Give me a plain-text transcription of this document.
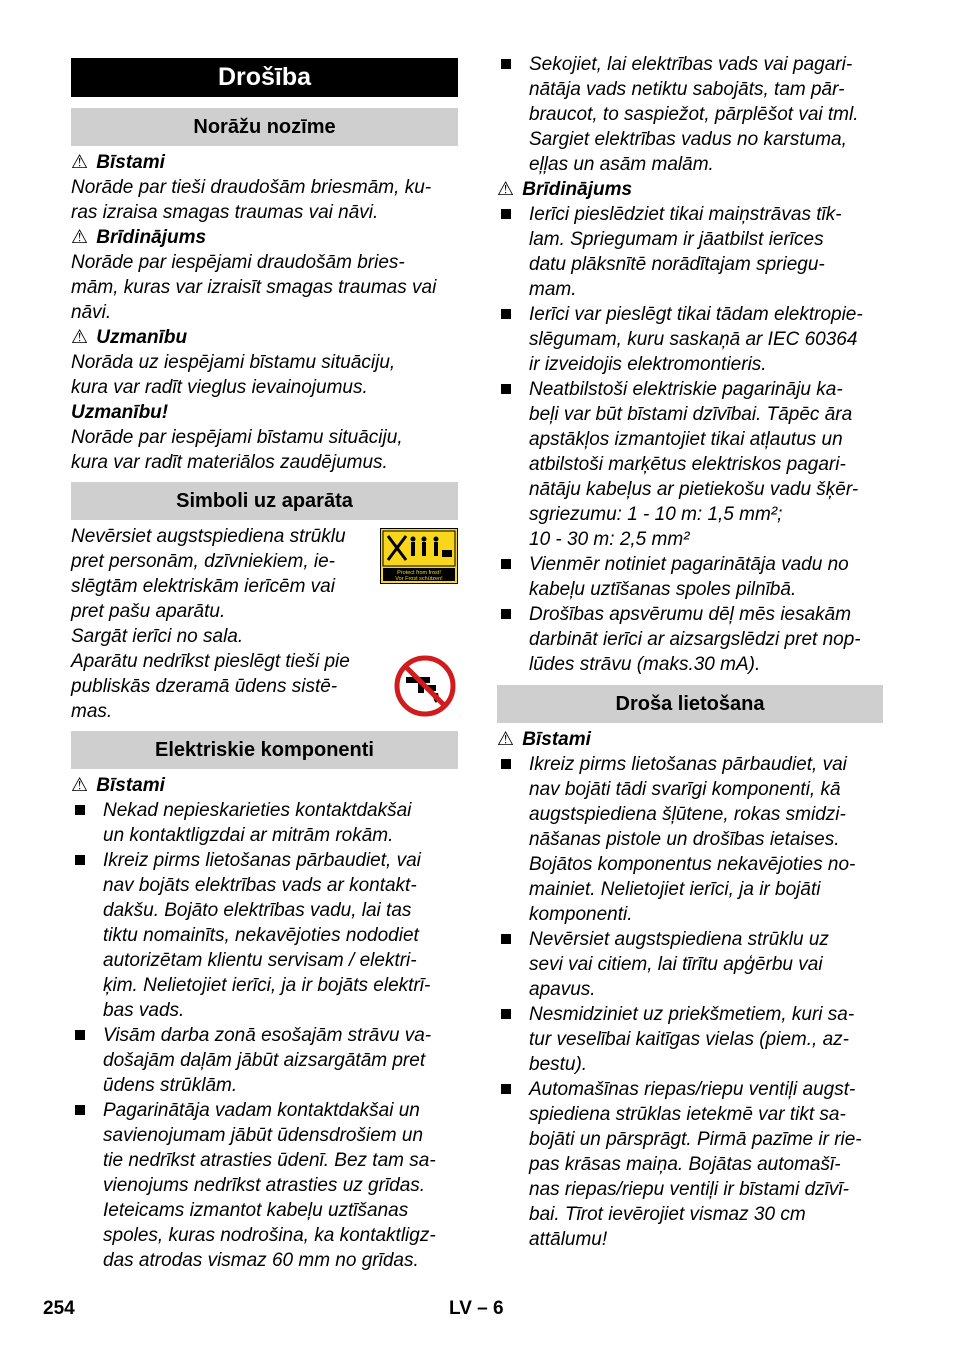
Drošība
Norāžu nozīme
⚠ Bīstami
Norāde par tieši draudošām briesmām, ku-
ras izraisa smagas traumas vai nāvi.
⚠ Brīdinājums
Norāde par iespējami draudošām bries-
mām, kuras var izraisīt smagas traumas vai
nāvi.
⚠ Uzmanību
Norāda uz iespējami bīstamu situāciju,
kura var radīt vieglus ievainojumus.
Uzmanību!
Norāde par iespējami bīstamu situāciju,
kura var radīt materiālos zaudējumus.
Simboli uz aparāta
Nevērsiet augstspiediena strūklu
pret personām, dzīvniekiem, ie-
slēgtām elektriskām ierīcēm vai
pret pašu aparātu.
Protect from frost!
Vor Frost schützen!
Sargāt ierīci no sala.
Aparātu nedrīkst pieslēgt tieši pie
publiskās dzeramā ūdens sistē-
mas.
Elektriskie komponenti
⚠ Bīstami
Nekad nepieskarieties kontaktdakšai
un kontaktligzdai ar mitrām rokām.
Ikreiz pirms lietošanas pārbaudiet, vai
nav bojāts elektrības vads ar kontakt-
dakšu. Bojāto elektrības vadu, lai tas
tiktu nomainīts, nekavējoties nododiet
autorizētam klientu servisam / elektri-
ķim. Nelietojiet ierīci, ja ir bojāts elektrī-
bas vads.
Visām darba zonā esošajām strāvu va-
došajām daļām jābūt aizsargātām pret
ūdens strūklām.
Pagarinātāja vadam kontaktdakšai un
savienojumam jābūt ūdensdrošiem un
tie nedrīkst atrasties ūdenī. Bez tam sa-
vienojums nedrīkst atrasties uz grīdas.
Ieteicams izmantot kabeļu uztīšanas
spoles, kuras nodrošina, ka kontaktligz-
das atrodas vismaz 60 mm no grīdas.
Sekojiet, lai elektrības vads vai pagari-
nātāja vads netiktu sabojāts, tam pār-
braucot, to saspiežot, pārplēšot vai tml.
Sargiet elektrības vadus no karstuma,
eļļas un asām malām.
⚠ Brīdinājums
Ierīci pieslēdziet tikai maiņstrāvas tīk-
lam. Spriegumam ir jāatbilst ierīces
datu plāksnītē norādītajam spriegu-
mam.
Ierīci var pieslēgt tikai tādam elektropie-
slēgumam, kuru saskaņā ar IEC 60364
ir izveidojis elektromontieris.
Neatbilstoši elektriskie pagarināju ka-
beļi var būt bīstami dzīvībai. Tāpēc āra
apstākļos izmantojiet tikai atļautus un
atbilstoši marķētus elektriskos pagari-
nātāju kabeļus ar pietiekošu vadu šķēr-
sgriezumu: 1 - 10 m: 1,5 mm²;
10 - 30 m: 2,5 mm²
Vienmēr notiniet pagarinātāja vadu no
kabeļu uztīšanas spoles pilnībā.
Drošības apsvērumu dēļ mēs iesakām
darbināt ierīci ar aizsargslēdzi pret nop-
lūdes strāvu (maks.30 mA).
Droša lietošana
⚠ Bīstami
Ikreiz pirms lietošanas pārbaudiet, vai
nav bojāti tādi svarīgi komponenti, kā
augstspiediena šļūtene, rokas smidzi-
nāšanas pistole un drošības ietaises.
Bojātos komponentus nekavējoties no-
mainiet. Nelietojiet ierīci, ja ir bojāti
komponenti.
Nevērsiet augstspiediena strūklu uz
sevi vai citiem, lai tīrītu apģērbu vai
apavus.
Nesmidziniet uz priekšmetiem, kuri sa-
tur veselībai kaitīgas vielas (piem., az-
bestu).
Automašīnas riepas/riepu ventiļi augst-
spiediena strūklas ietekmē var tikt sa-
bojāti un pārsprāgt. Pirmā pazīme ir rie-
pas krāsas maiņa. Bojātas automašī-
nas riepas/riepu ventiļi ir bīstami dzīvī-
bai. Tīrot ievērojiet vismaz 30 cm
attālumu!
254	LV – 6
